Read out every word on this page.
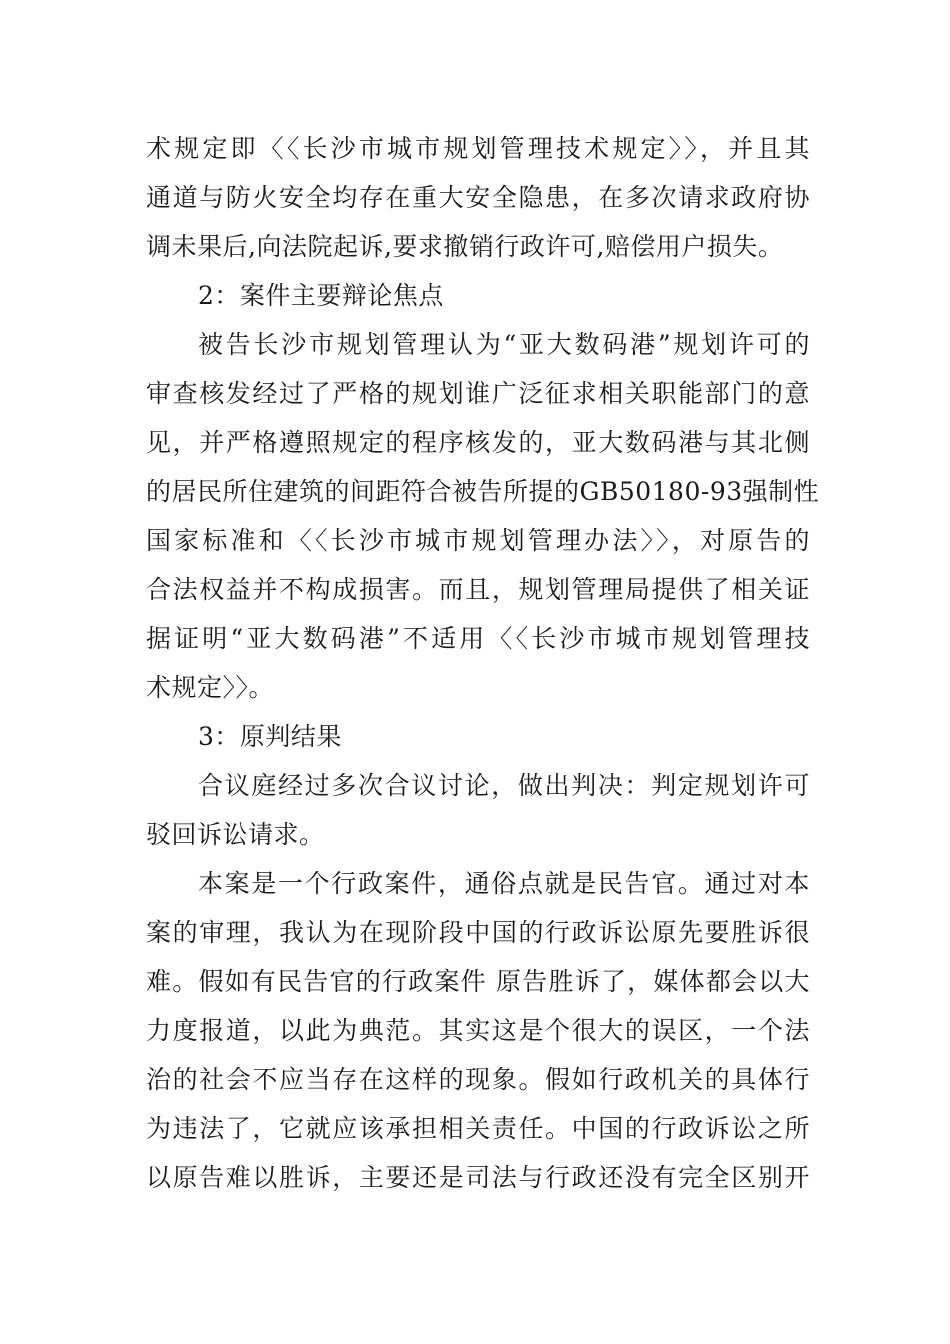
术规定即〈〈长沙市城市规划管理技术规定〉〉，并且其
通道与防火安全均存在重大安全隐患，在多次请求政府协
调未果后,向法院起诉,要求撤销行政许可,赔偿用户损失。
2：案件主要辩论焦点
被告长沙市规划管理认为“亚大数码港”规划许可的
审查核发经过了严格的规划谁广泛征求相关职能部门的意
见，并严格遵照规定的程序核发的，亚大数码港与其北侧
的居民所住建筑的间距符合被告所提的GB50180-93强制性
国家标准和〈〈长沙市城市规划管理办法〉〉，对原告的
合法权益并不构成损害。而且，规划管理局提供了相关证
据证明“亚大数码港”不适用〈〈长沙市城市规划管理技
术规定〉〉。
3：原判结果
合议庭经过多次合议讨论，做出判决：判定规划许可
驳回诉讼请求。
本案是一个行政案件，通俗点就是民告官。通过对本
案的审理，我认为在现阶段中国的行政诉讼原先要胜诉很
难。假如有民告官的行政案件 原告胜诉了，媒体都会以大
力度报道，以此为典范。其实这是个很大的误区，一个法
治的社会不应当存在这样的现象。假如行政机关的具体行
为违法了，它就应该承担相关责任。中国的行政诉讼之所
以原告难以胜诉，主要还是司法与行政还没有完全区别开
